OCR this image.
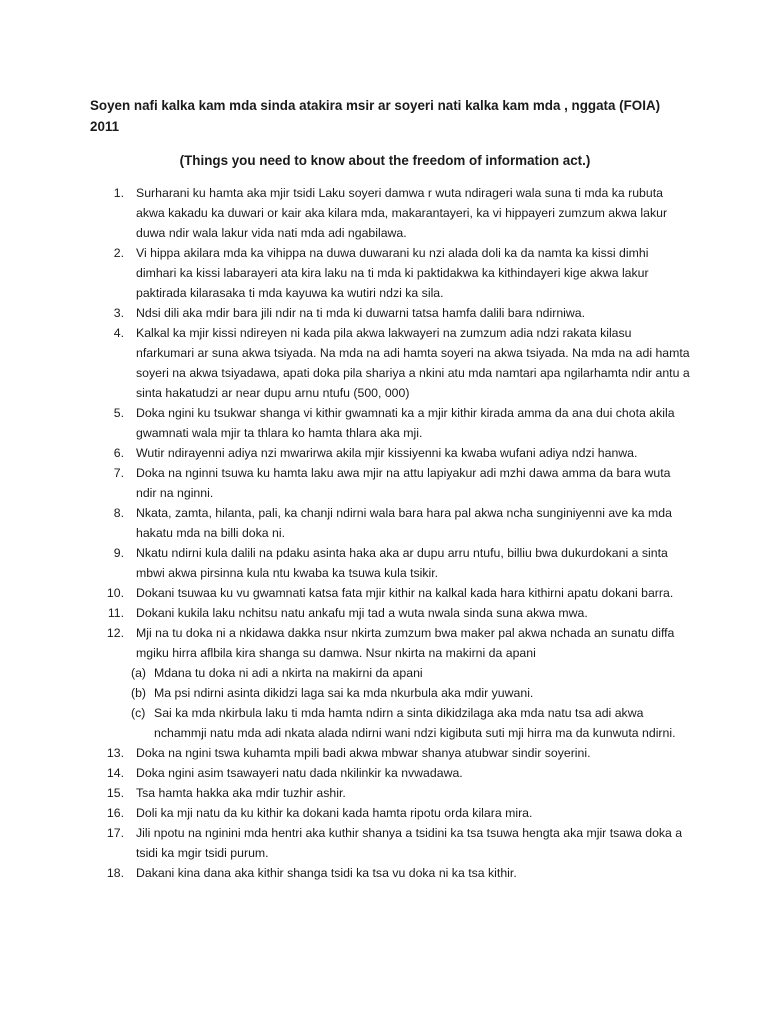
Soyen nafi kalka kam mda sinda atakira msir ar soyeri nati kalka kam mda , nggata (FOIA) 2011

(Things you need to know about the freedom of information act.)

1. Surharani ku hamta aka mjir tsidi Laku soyeri damwa r wuta ndirageri wala suna ti mda ka rubuta akwa kakadu ka duwari or kair aka kilara mda, makarantayeri, ka vi hippayeri zumzum akwa lakur duwa ndir wala lakur vida nati mda adi ngabilawa.
2. Vi hippa akilara mda ka vihippa na duwa duwarani ku nzi alada doli ka da namta ka kissi dimhi dimhari ka kissi labarayeri ata kira laku na ti mda ki paktidakwa ka kithindayeri kige akwa lakur paktirada kilarasaka ti mda kayuwa ka wutiri ndzi ka sila.
3. Ndsi dili aka mdir bara jili ndir na ti mda ki duwarni tatsa hamfa dalili bara ndirniwa.
4. Kalkal ka mjir kissi ndireyen ni kada pila akwa lakwayeri na zumzum adia ndzi rakata kilasu nfarkumari ar suna akwa tsiyada. Na mda na adi hamta soyeri na akwa tsiyada. Na mda na adi hamta soyeri na akwa tsiyadawa, apati doka pila shariya a nkini atu mda namtari apa ngilarhamta ndir antu a sinta hakatudzi ar near dupu arnu ntufu (500, 000)
5. Doka ngini ku tsukwar shanga vi kithir gwamnati ka a mjir kithir kirada amma da ana dui chota akila gwamnati wala mjir ta thlara ko hamta thlara aka mji.
6. Wutir ndirayenni adiya nzi mwarirwa akila mjir kissiyenni ka kwaba wufani adiya ndzi hanwa.
7. Doka na nginni tsuwa ku hamta laku awa mjir na attu lapiyakur adi mzhi dawa amma da bara wuta ndir na nginni.
8. Nkata, zamta, hilanta, pali, ka chanji ndirni wala bara hara pal akwa ncha sunginiyenni ave ka mda hakatu mda na billi doka ni.
9. Nkatu ndirni kula dalili na pdaku asinta haka aka ar dupu arru ntufu, billiu bwa dukurdokani a sinta mbwi akwa pirsinna kula ntu kwaba ka tsuwa kula tsikir.
10. Dokani tsuwaa ku vu gwamnati katsa fata mjir kithir na kalkal kada hara kithirni apatu dokani barra.
11. Dokani kukila laku nchitsu natu ankafu mji tad a wuta nwala sinda suna akwa mwa.
12. Mji na tu doka ni a nkidawa dakka nsur nkirta zumzum bwa maker pal akwa nchada an sunatu diffa mgiku hirra aflbila kira shanga su damwa. Nsur nkirta na makirni da apani
(a) Mdana tu doka ni adi a nkirta na makirni da apani
(b) Ma psi ndirni asinta dikidzi laga sai ka mda nkurbula aka mdir yuwani.
(c) Sai ka mda nkirbula laku ti mda hamta ndirn a sinta dikidzilaga aka mda natu tsa adi akwa nchammji natu mda adi nkata alada ndirni wani ndzi kigibuta suti mji hirra ma da kunwuta ndirni.
13. Doka na ngini tswa kuhamta mpili badi akwa mbwar shanya atubwar sindir soyerini.
14. Doka ngini asim tsawayeri natu dada nkilinkir ka nvwadawa.
15. Tsa hamta hakka aka mdir tuzhir ashir.
16. Doli ka mji natu da ku kithir ka dokani kada hamta ripotu orda kilara mira.
17. Jili npotu na nginini mda hentri aka kuthir shanya a tsidini ka tsa tsuwa hengta aka mjir tsawa doka a tsidi ka mgir tsidi purum.
18. Dakani kina dana aka kithir shanga tsidi ka tsa vu doka ni ka tsa kithir.
